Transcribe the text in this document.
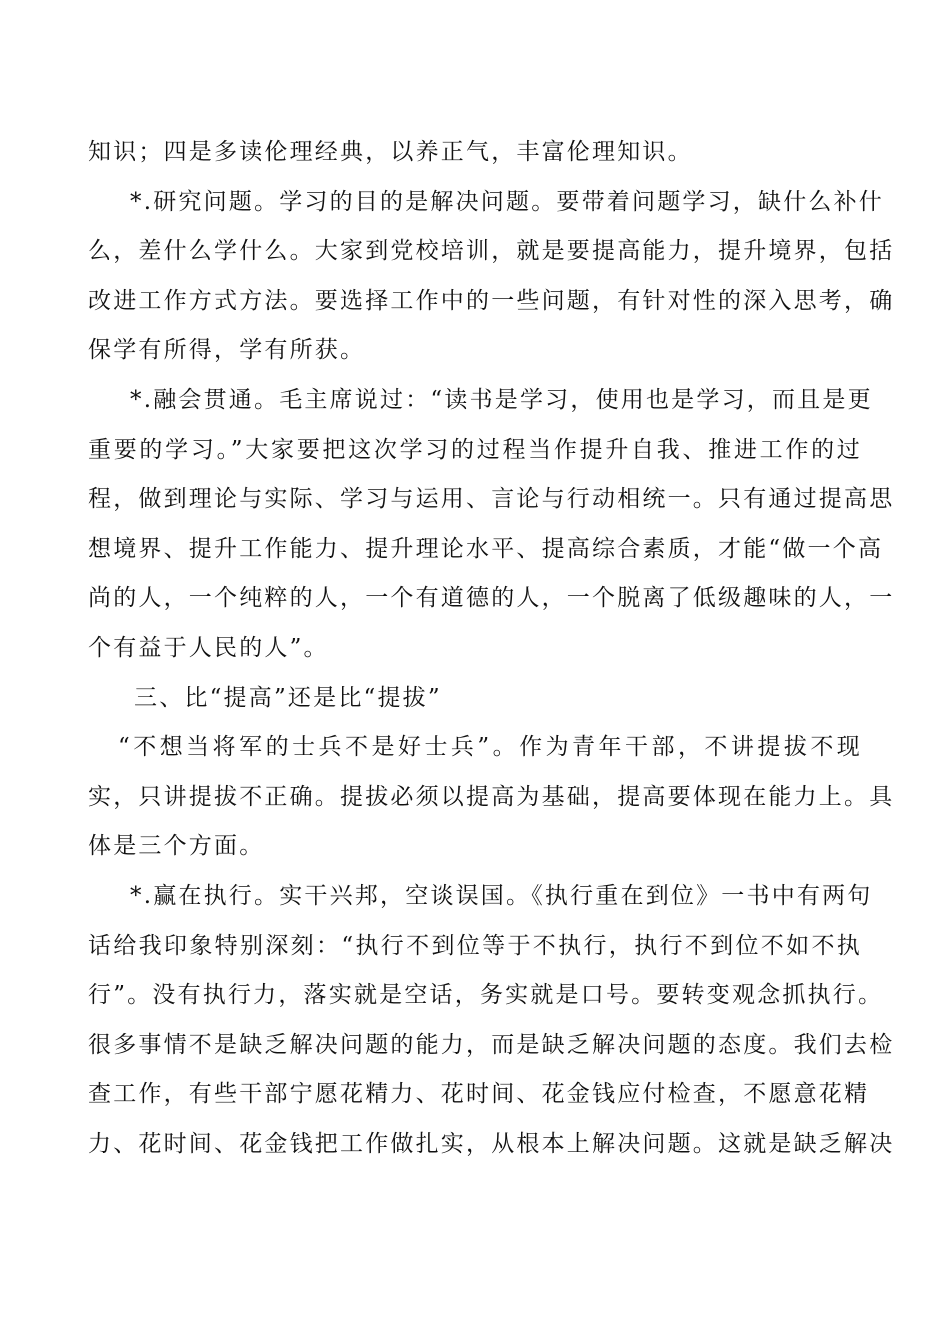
知识；四是多读伦理经典，以养正气，丰富伦理知识。
*.研究问题。学习的目的是解决问题。要带着问题学习，缺什么补什
么，差什么学什么。大家到党校培训，就是要提高能力，提升境界，包括
改进工作方式方法。要选择工作中的一些问题，有针对性的深入思考，确
保学有所得，学有所获。
*.融会贯通。毛主席说过：“读书是学习，使用也是学习，而且是更
重要的学习。”大家要把这次学习的过程当作提升自我、推进工作的过
程，做到理论与实际、学习与运用、言论与行动相统一。只有通过提高思
想境界、提升工作能力、提升理论水平、提高综合素质，才能“做一个高
尚的人，一个纯粹的人，一个有道德的人，一个脱离了低级趣味的人，一
个有益于人民的人”。
三、比“提高”还是比“提拔”
“不想当将军的士兵不是好士兵”。作为青年干部，不讲提拔不现
实，只讲提拔不正确。提拔必须以提高为基础，提高要体现在能力上。具
体是三个方面。
*.赢在执行。实干兴邦，空谈误国。《执行重在到位》一书中有两句
话给我印象特别深刻：“执行不到位等于不执行，执行不到位不如不执
行”。没有执行力，落实就是空话，务实就是口号。要转变观念抓执行。
很多事情不是缺乏解决问题的能力，而是缺乏解决问题的态度。我们去检
查工作，有些干部宁愿花精力、花时间、花金钱应付检查，不愿意花精
力、花时间、花金钱把工作做扎实，从根本上解决问题。这就是缺乏解决
